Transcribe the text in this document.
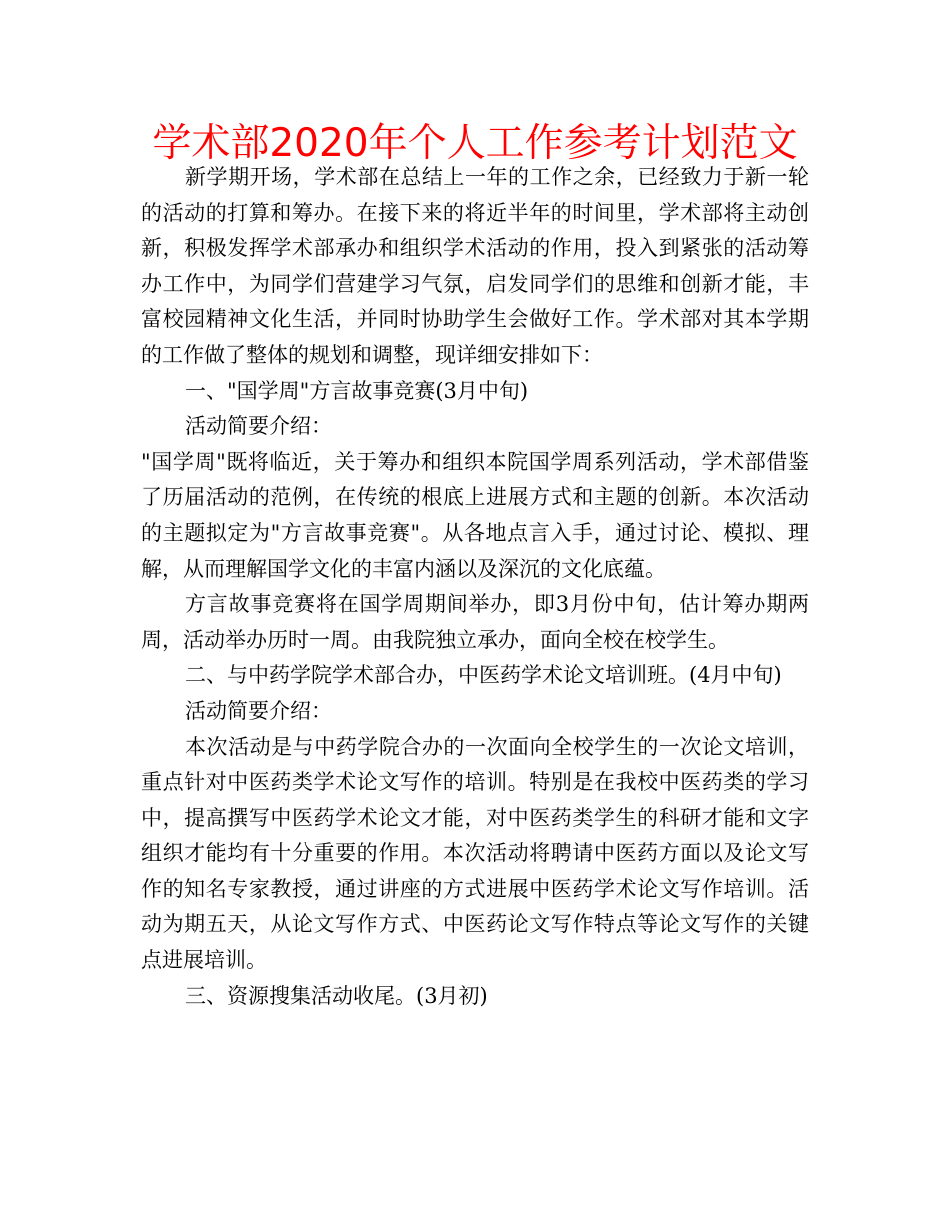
学术部2020年个人工作参考计划范文

新学期开场，学术部在总结上一年的工作之余，已经致力于新一轮的活动的打算和筹办。在接下来的将近半年的时间里，学术部将主动创新，积极发挥学术部承办和组织学术活动的作用，投入到紧张的活动筹办工作中，为同学们营建学习气氛，启发同学们的思维和创新才能，丰富校园精神文化生活，并同时协助学生会做好工作。学术部对其本学期的工作做了整体的规划和调整，现详细安排如下：

一、"国学周"方言故事竞赛(3月中旬)

活动简要介绍：

"国学周"既将临近，关于筹办和组织本院国学周系列活动，学术部借鉴了历届活动的范例，在传统的根底上进展方式和主题的创新。本次活动的主题拟定为"方言故事竞赛"。从各地点言入手，通过讨论、模拟、理解，从而理解国学文化的丰富内涵以及深沉的文化底蕴。

方言故事竞赛将在国学周期间举办，即3月份中旬，估计筹办期两周，活动举办历时一周。由我院独立承办，面向全校在校学生。

二、与中药学院学术部合办，中医药学术论文培训班。(4月中旬)

活动简要介绍：

本次活动是与中药学院合办的一次面向全校学生的一次论文培训，重点针对中医药类学术论文写作的培训。特别是在我校中医药类的学习中，提高撰写中医药学术论文才能，对中医药类学生的科研才能和文字组织才能均有十分重要的作用。本次活动将聘请中医药方面以及论文写作的知名专家教授，通过讲座的方式进展中医药学术论文写作培训。活动为期五天，从论文写作方式、中医药论文写作特点等论文写作的关键点进展培训。

三、资源搜集活动收尾。(3月初)
